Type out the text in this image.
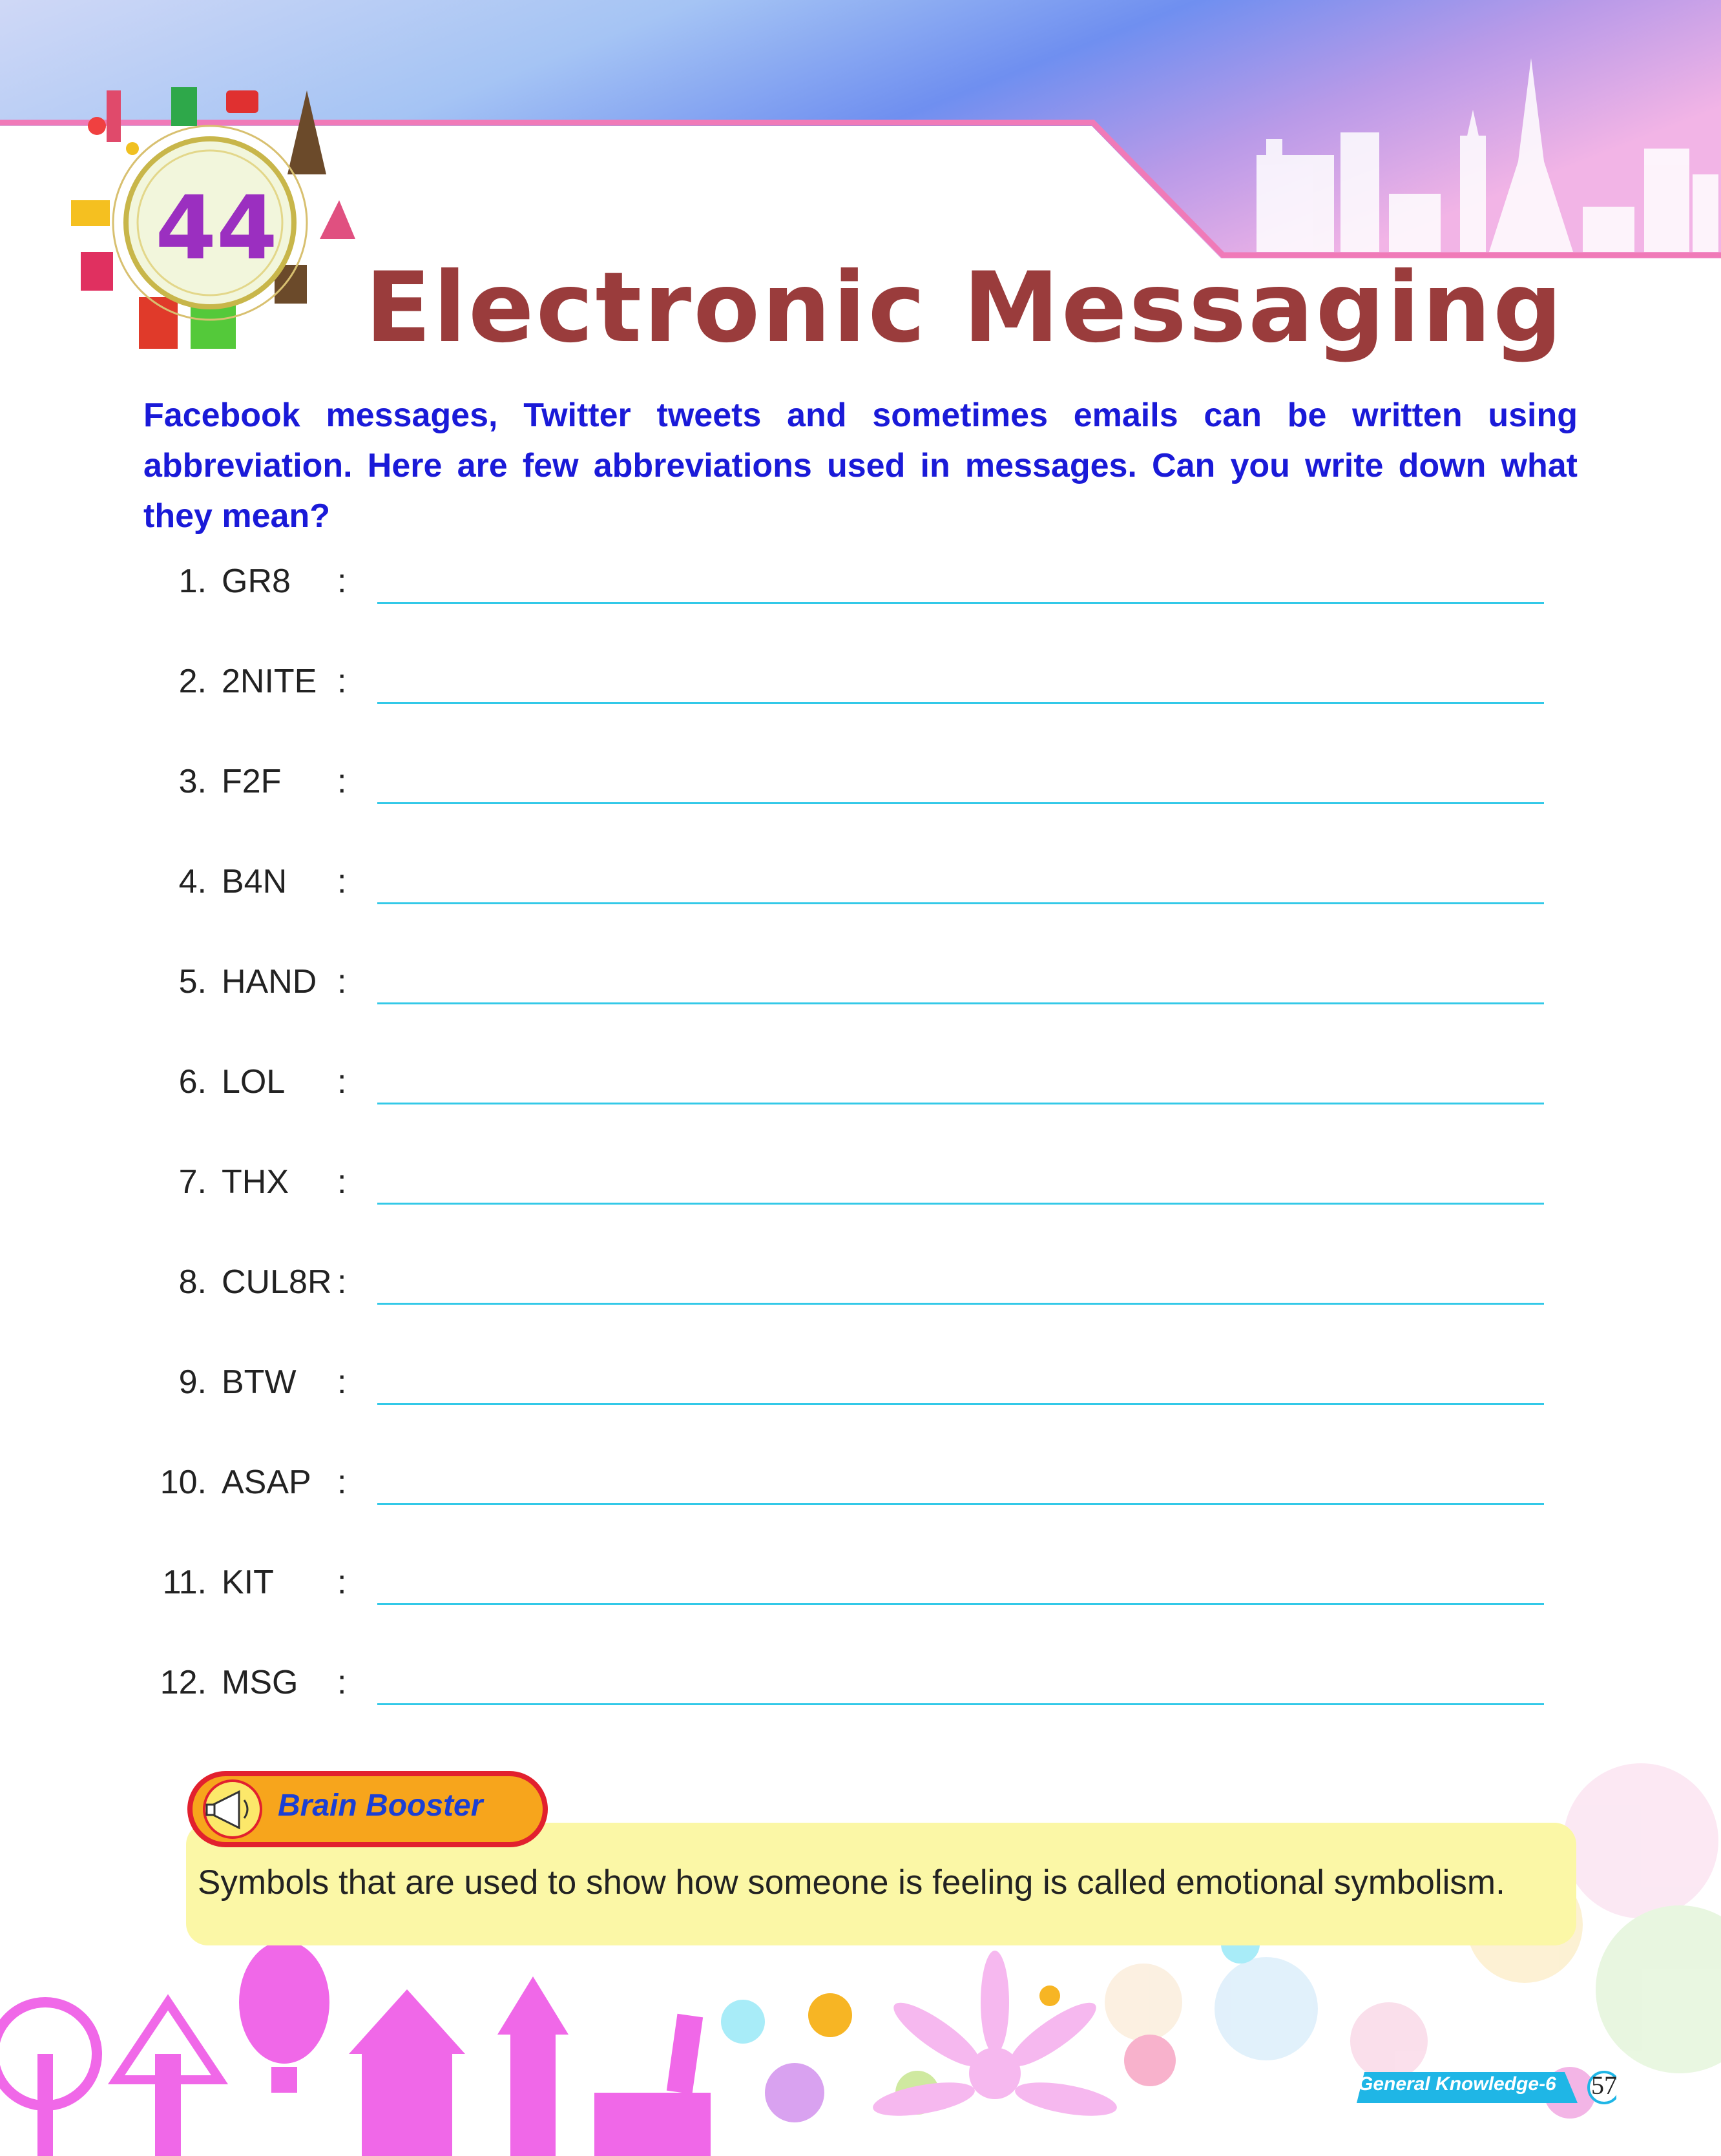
44
Electronic Messaging
Facebook messages, Twitter tweets and sometimes emails can be written using abbreviation. Here are few abbreviations used in messages. Can you write down what they mean?
1. GR8 :
2. 2NITE :
3. F2F :
4. B4N :
5. HAND :
6. LOL :
7. THX :
8. CUL8R :
9. BTW :
10. ASAP :
11. KIT :
12. MSG :
Brain Booster
Symbols that are used to show how someone is feeling is called emotional symbolism.
General Knowledge-6	57
